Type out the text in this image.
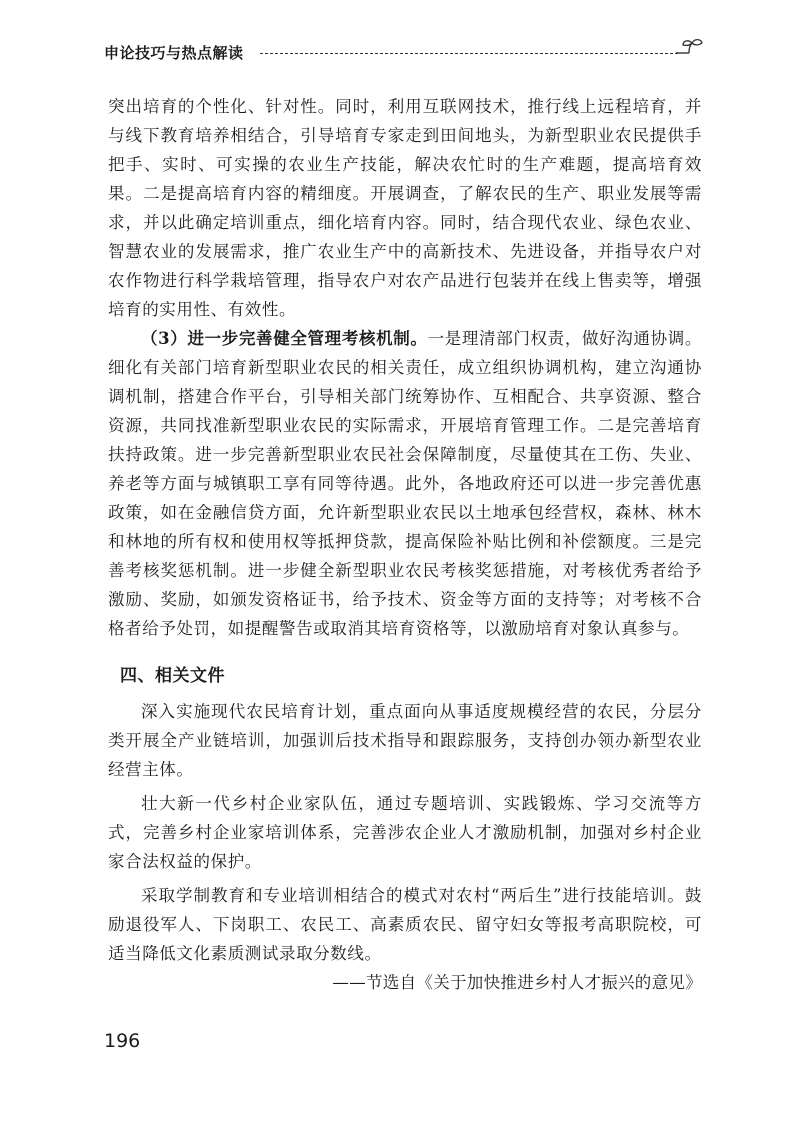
申论技巧与热点解读

突出培育的个性化、针对性。同时，利用互联网技术，推行线上远程培育，并与线下教育培养相结合，引导培育专家走到田间地头，为新型职业农民提供手把手、实时、可实操的农业生产技能，解决农忙时的生产难题，提高培育效果。二是提高培育内容的精细度。开展调查，了解农民的生产、职业发展等需求，并以此确定培训重点，细化培育内容。同时，结合现代农业、绿色农业、智慧农业的发展需求，推广农业生产中的高新技术、先进设备，并指导农户对农作物进行科学栽培管理，指导农户对农产品进行包装并在线上售卖等，增强培育的实用性、有效性。

（3）进一步完善健全管理考核机制。一是理清部门权责，做好沟通协调。细化有关部门培育新型职业农民的相关责任，成立组织协调机构，建立沟通协调机制，搭建合作平台，引导相关部门统筹协作、互相配合、共享资源、整合资源，共同找准新型职业农民的实际需求，开展培育管理工作。二是完善培育扶持政策。进一步完善新型职业农民社会保障制度，尽量使其在工伤、失业、养老等方面与城镇职工享有同等待遇。此外，各地政府还可以进一步完善优惠政策，如在金融信贷方面，允许新型职业农民以土地承包经营权，森林、林木和林地的所有权和使用权等抵押贷款，提高保险补贴比例和补偿额度。三是完善考核奖惩机制。进一步健全新型职业农民考核奖惩措施，对考核优秀者给予激励、奖励，如颁发资格证书，给予技术、资金等方面的支持等；对考核不合格者给予处罚，如提醒警告或取消其培育资格等，以激励培育对象认真参与。

四、相关文件

深入实施现代农民培育计划，重点面向从事适度规模经营的农民，分层分类开展全产业链培训，加强训后技术指导和跟踪服务，支持创办领办新型农业经营主体。

壮大新一代乡村企业家队伍，通过专题培训、实践锻炼、学习交流等方式，完善乡村企业家培训体系，完善涉农企业人才激励机制，加强对乡村企业家合法权益的保护。

采取学制教育和专业培训相结合的模式对农村“两后生”进行技能培训。鼓励退役军人、下岗职工、农民工、高素质农民、留守妇女等报考高职院校，可适当降低文化素质测试录取分数线。

——节选自《关于加快推进乡村人才振兴的意见》

196
